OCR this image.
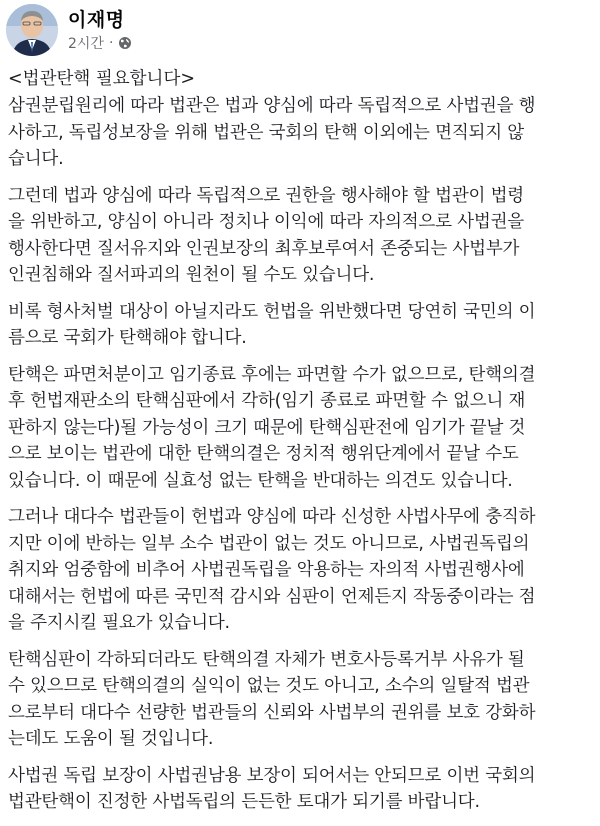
이재명
2시간 ·

<법관탄핵 필요합니다>

삼권분립원리에 따라 법관은 법과 양심에 따라 독립적으로 사법권을 행
사하고, 독립성보장을 위해 법관은 국회의 탄핵 이외에는 면직되지 않
습니다.
그런데 법과 양심에 따라 독립적으로 권한을 행사해야 할 법관이 법령
을 위반하고, 양심이 아니라 정치나 이익에 따라 자의적으로 사법권을
행사한다면 질서유지와 인권보장의 최후보루여서 존중되는 사법부가
인권침해와 질서파괴의 원천이 될 수도 있습니다.
비록 형사처벌 대상이 아닐지라도 헌법을 위반했다면 당연히 국민의 이
름으로 국회가 탄핵해야 합니다.
탄핵은 파면처분이고 임기종료 후에는 파면할 수가 없으므로, 탄핵의결
후 헌법재판소의 탄핵심판에서 각하(임기 종료로 파면할 수 없으니 재
판하지 않는다)될 가능성이 크기 때문에 탄핵심판전에 임기가 끝날 것
으로 보이는 법관에 대한 탄핵의결은 정치적 행위단계에서 끝날 수도
있습니다. 이 때문에 실효성 없는 탄핵을 반대하는 의견도 있습니다.
그러나 대다수 법관들이 헌법과 양심에 따라 신성한 사법사무에 충직하
지만 이에 반하는 일부 소수 법관이 없는 것도 아니므로, 사법권독립의
취지와 엄중함에 비추어 사법권독립을 악용하는 자의적 사법권행사에
대해서는 헌법에 따른 국민적 감시와 심판이 언제든지 작동중이라는 점
을 주지시킬 필요가 있습니다.
탄핵심판이 각하되더라도 탄핵의결 자체가 변호사등록거부 사유가 될
수 있으므로 탄핵의결의 실익이 없는 것도 아니고, 소수의 일탈적 법관
으로부터 대다수 선량한 법관들의 신뢰와 사법부의 권위를 보호 강화하
는데도 도움이 될 것입니다.
사법권 독립 보장이 사법권남용 보장이 되어서는 안되므로 이번 국회의
법관탄핵이 진정한 사법독립의 든든한 토대가 되기를 바랍니다.
